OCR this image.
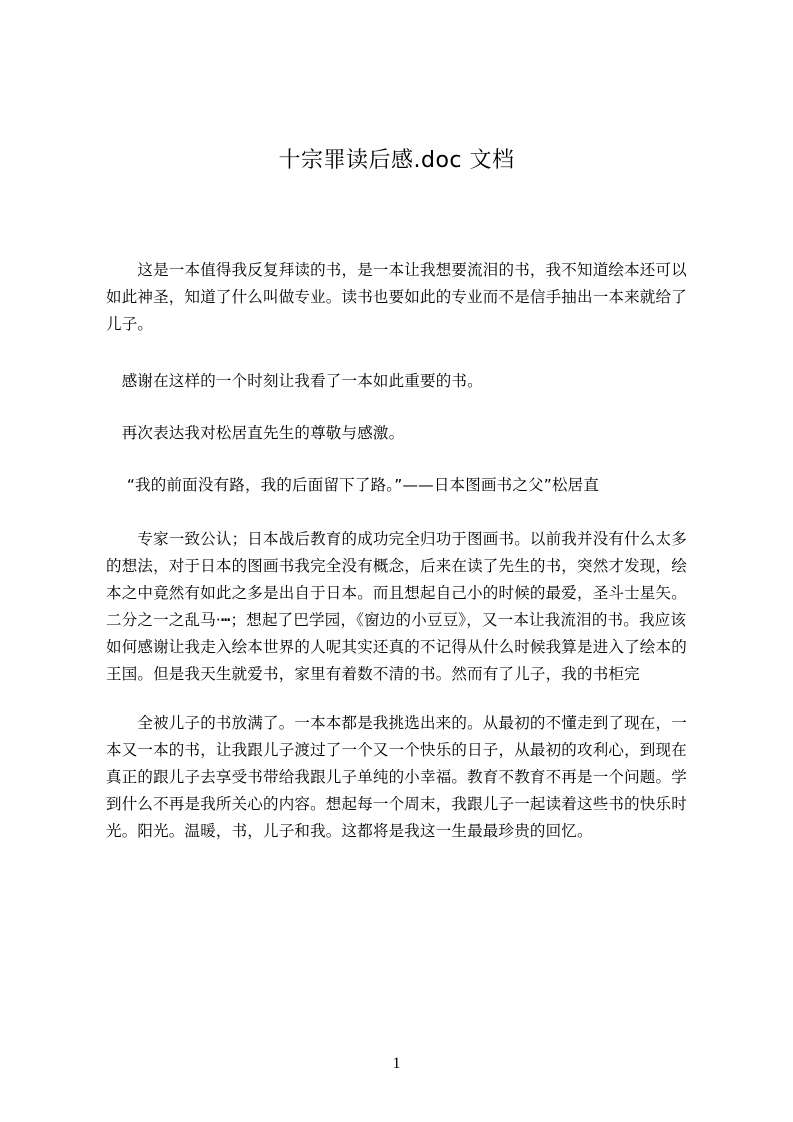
十宗罪读后感.doc 文档
　　这是一本值得我反复拜读的书，是一本让我想要流泪的书，我不知道绘本还可以
如此神圣，知道了什么叫做专业。读书也要如此的专业而不是信手抽出一本来就给了
儿子。
　感谢在这样的一个时刻让我看了一本如此重要的书。
　再次表达我对松居直先生的尊敬与感激。
　 “我的前面没有路，我的后面留下了路。”——日本图画书之父”松居直
　　专家一致公认；日本战后教育的成功完全归功于图画书。以前我并没有什么太多
的想法，对于日本的图画书我完全没有概念，后来在读了先生的书，突然才发现，绘
本之中竟然有如此之多是出自于日本。而且想起自己小的时候的最爱，圣斗士星矢。
二分之一之乱马·┅；想起了巴学园，《窗边的小豆豆》，又一本让我流泪的书。我应该
如何感谢让我走入绘本世界的人呢其实还真的不记得从什么时候我算是进入了绘本的
王国。但是我天生就爱书，家里有着数不清的书。然而有了儿子，我的书柜完
　　全被儿子的书放满了。一本本都是我挑选出来的。从最初的不懂走到了现在，一
本又一本的书，让我跟儿子渡过了一个又一个快乐的日子，从最初的攻利心，到现在
真正的跟儿子去享受书带给我跟儿子单纯的小幸福。教育不教育不再是一个问题。学
到什么不再是我所关心的内容。想起每一个周末，我跟儿子一起读着这些书的快乐时
光。阳光。温暖，书，儿子和我。这都将是我这一生最最珍贵的回忆。
1
